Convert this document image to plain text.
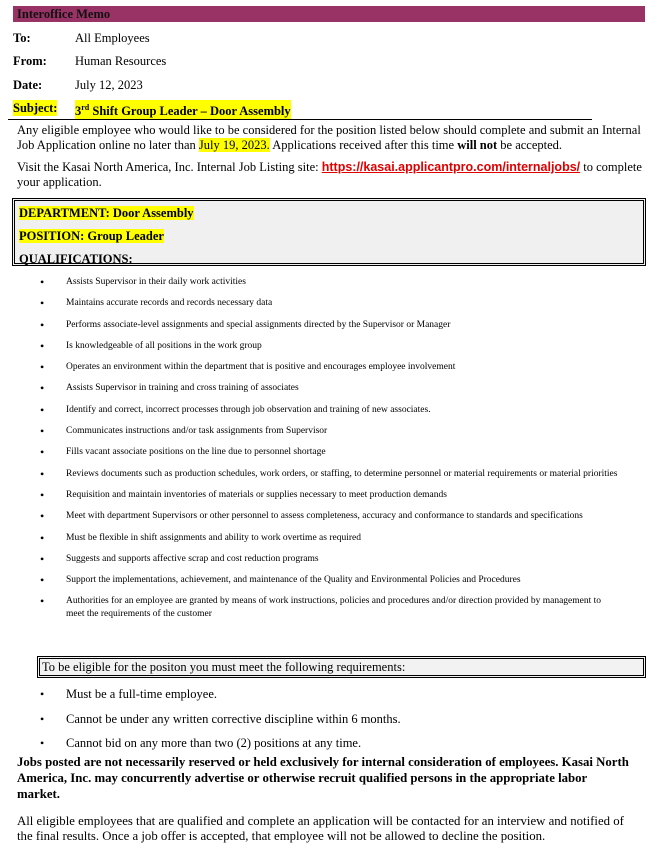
Interoffice Memo
To:	All Employees
From: Human Resources
Date:	July 12, 2023
Subject: 3rd Shift Group Leader – Door Assembly
Any eligible employee who would like to be considered for the position listed below should complete and submit an Internal Job Application online no later than July 19, 2023. Applications received after this time will not be accepted.
Visit the Kasai North America, Inc. Internal Job Listing site: https://kasai.applicantpro.com/internaljobs/ to complete your application.
DEPARTMENT: Door Assembly
POSITION: Group Leader
QUALIFICATIONS:
• Assists Supervisor in their daily work activities
• Maintains accurate records and records necessary data
• Performs associate-level assignments and special assignments directed by the Supervisor or Manager
• Is knowledgeable of all positions in the work group
• Operates an environment within the department that is positive and encourages employee involvement
• Assists Supervisor in training and cross training of associates
• Identify and correct, incorrect processes through job observation and training of new associates.
• Communicates instructions and/or task assignments from Supervisor
• Fills vacant associate positions on the line due to personnel shortage
• Reviews documents such as production schedules, work orders, or staffing, to determine personnel or material requirements or material priorities
• Requisition and maintain inventories of materials or supplies necessary to meet production demands
• Meet with department Supervisors or other personnel to assess completeness, accuracy and conformance to standards and specifications
• Must be flexible in shift assignments and ability to work overtime as required
• Suggests and supports affective scrap and cost reduction programs
• Support the implementations, achievement, and maintenance of the Quality and Environmental Policies and Procedures
• Authorities for an employee are granted by means of work instructions, policies and procedures and/or direction provided by management to meet the requirements of the customer
To be eligible for the positon you must meet the following requirements:
• Must be a full-time employee.
• Cannot be under any written corrective discipline within 6 months.
• Cannot bid on any more than two (2) positions at any time.
Jobs posted are not necessarily reserved or held exclusively for internal consideration of employees. Kasai North America, Inc. may concurrently advertise or otherwise recruit qualified persons in the appropriate labor market.
All eligible employees that are qualified and complete an application will be contacted for an interview and notified of the final results. Once a job offer is accepted, that employee will not be allowed to decline the position.
